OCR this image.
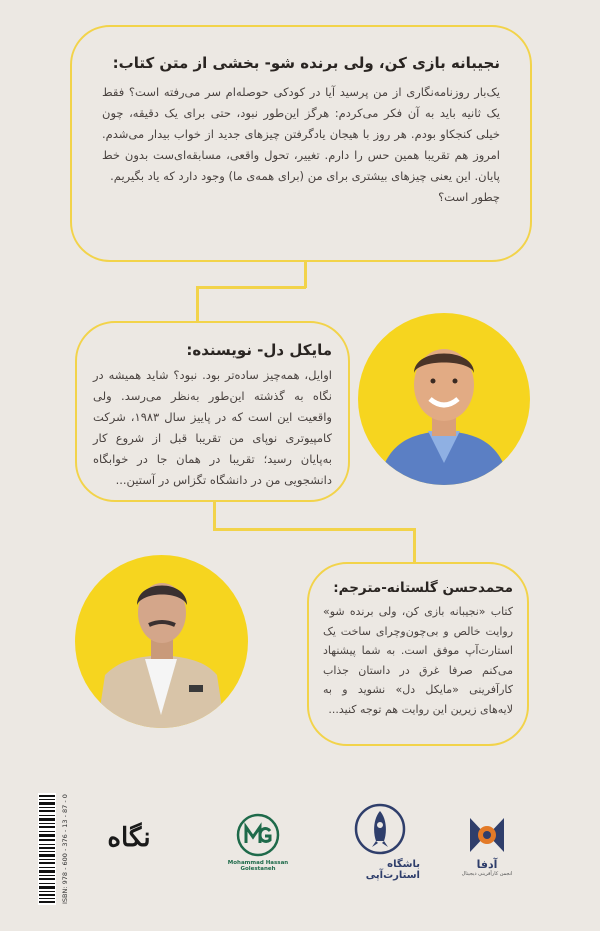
نجیبانه بازی کن، ولی برنده شو- بخشی از متن کتاب:

یک‌بار روزنامه‌نگاری از من پرسید آیا در کودکی حوصله‌ام سر می‌رفته است؟ فقط یک ثانیه باید به آن فکر می‌کردم: هرگز این‌طور نبود، حتی برای یک دقیقه، چون خیلی کنجکاو بودم. هر روز با هیجان یادگرفتن چیزهای جدید از خواب بیدار می‌شدم. امروز هم تقریبا همین حس را دارم. تغییر، تحول واقعی، مسابقه‌ای‌ست بدون خط پایان. این یعنی چیزهای بیشتری برای من (برای همه‌ی ما) وجود دارد که یاد بگیریم.

چطور است؟

مایکل دل- نویسنده:

اوایل، همه‌چیز ساده‌تر بود. نبود؟ شاید همیشه در نگاه به گذشته این‌طور به‌نظر می‌رسد. ولی واقعیت این است که در پاییز سال ۱۹۸۳، شرکت کامپیوتری نوپای من تقریبا قبل از شروع کار به‌پایان رسید؛ تقریبا در همان جا در خوابگاه دانشجویی من در دانشگاه تگزاس در آستین...

محمدحسن گلستانه-مترجم:

کتاب «نجیبانه بازی کن، ولی برنده شو» روایت خالص و بی‌چون‌وچرای ساخت یک استارت‌آپ موفق است. به شما پیشنهاد می‌کنم صرفا غرق در داستان جذاب کارآفرینی «مایکل دل» نشوید و به لایه‌های زیرین این روایت هم توجه کنید...

ISBN: 978 - 600 - 376 - 13 - 87 - 0 نگاه
Mohammad Hassan
Golestaneh	باشگاه استارت‌آپی
آدفا
انجمن کارآفرینی دیجیتال
